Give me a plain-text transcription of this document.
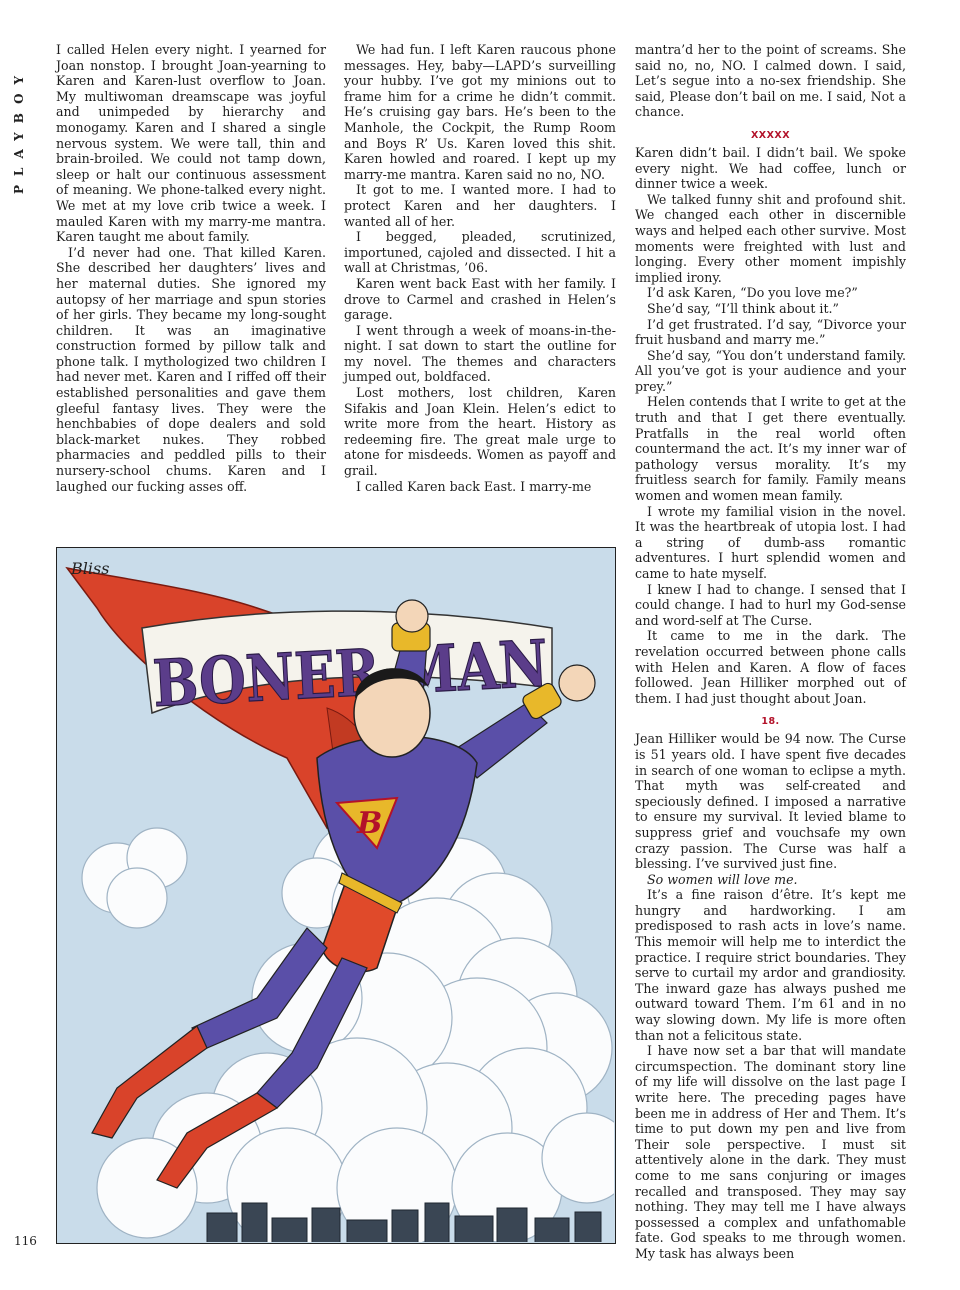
PLAYBOY

I called Helen every night. I yearned for Joan nonstop. I brought Joan-yearning to Karen and Karen-lust overflow to Joan. My multiwoman dreamscape was joyful and unimpeded by hierarchy and monogamy. Karen and I shared a single nervous system. We were tall, thin and brain-broiled. We could not tamp down, sleep or halt our continuous assessment of meaning. We phone-talked every night. We met at my love crib twice a week. I mauled Karen with my marry-me mantra. Karen taught me about family.

I’d never had one. That killed Karen. She described her daughters’ lives and her maternal duties. She ignored my autopsy of her marriage and spun stories of her girls. They became my long-sought children. It was an imaginative construction formed by pillow talk and phone talk. I mythologized two children I had never met. Karen and I riffed off their established personalities and gave them gleeful fantasy lives. They were the henchbabies of dope dealers and sold black-market nukes. They robbed pharmacies and peddled pills to their nursery-school chums. Karen and I laughed our fucking asses off.

We had fun. I left Karen raucous phone messages. Hey, baby—LAPD’s surveilling your hubby. I’ve got my minions out to frame him for a crime he didn’t commit. He’s cruising gay bars. He’s been to the Manhole, the Cockpit, the Rump Room and Boys R’ Us. Karen loved this shit. Karen howled and roared. I kept up my marry-me mantra. Karen said no no, NO.

It got to me. I wanted more. I had to protect Karen and her daughters. I wanted all of her.

I begged, pleaded, scrutinized, importuned, cajoled and dissected. I hit a wall at Christmas, ’06.

Karen went back East with her family. I drove to Carmel and crashed in Helen’s garage.

I went through a week of moans-in-the-night. I sat down to start the outline for my novel. The themes and characters jumped out, boldfaced.

Lost mothers, lost children, Karen Sifakis and Joan Klein. Helen’s edict to write more from the heart. History as redeeming fire. The great male urge to atone for misdeeds. Women as payoff and grail.

I called Karen back East. I marry-me

mantra’d her to the point of screams. She said no, no, NO. I calmed down. I said, Let’s segue into a no-sex friendship. She said, Please don’t bail on me. I said, Not a chance.

XXXXX

Karen didn’t bail. I didn’t bail. We spoke every night. We had coffee, lunch or dinner twice a week.

We talked funny shit and profound shit. We changed each other in discernible ways and helped each other survive. Most moments were freighted with lust and longing. Every other moment impishly implied irony.

I’d ask Karen, “Do you love me?”

She’d say, “I’ll think about it.”

I’d get frustrated. I’d say, “Divorce your fruit husband and marry me.”

She’d say, “You don’t understand family. All you’ve got is your audience and your prey.”

Helen contends that I write to get at the truth and that I get there eventually. Pratfalls in the real world often countermand the act. It’s my inner war of pathology versus morality. It’s my fruitless search for family. Family means women and women mean family.

I wrote my familial vision in the novel. It was the heartbreak of utopia lost. I had a string of dumb-ass romantic adventures. I hurt splendid women and came to hate myself.

I knew I had to change. I sensed that I could change. I had to hurl my God-sense and word-self at The Curse.

It came to me in the dark. The revelation occurred between phone calls with Helen and Karen. A flow of faces followed. Jean Hilliker morphed out of them. I had just thought about Joan.

18.

Jean Hilliker would be 94 now. The Curse is 51 years old. I have spent five decades in search of one woman to eclipse a myth. That myth was self-created and speciously defined. I imposed a narrative to ensure my survival. It levied blame to suppress grief and vouchsafe my own crazy passion. The Curse was half a blessing. I’ve survived just fine.

So women will love me.

It’s a fine raison d’être. It’s kept me hungry and hardworking. I am predisposed to rash acts in love’s name. This memoir will help me to interdict the practice. I require strict boundaries. They serve to curtail my ardor and grandiosity. The inward gaze has always pushed me outward toward Them. I’m 61 and in no way slowing down. My life is more often than not a felicitous state.

I have now set a bar that will mandate circumspection. The dominant story line of my life will dissolve on the last page I write here. The preceding pages have been me in address of Her and Them. It’s time to put down my pen and live from Their sole perspective. I must sit attentively alone in the dark. They must come to me sans conjuring or images recalled and transposed. They may say nothing. They may tell me I have always possessed a complex and unfathomable fate. God speaks to me through women. My task has always been

B
Bliss
116
